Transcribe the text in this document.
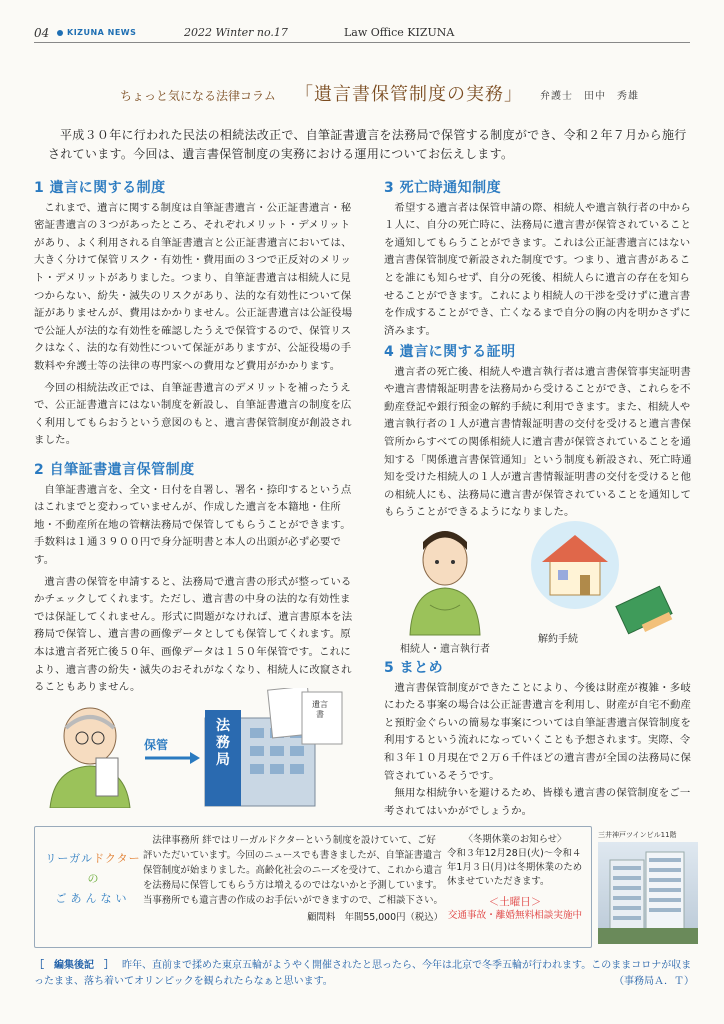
04 KIZUNA NEWS	2022 Winter no.17	Law Office KIZUNA
ちょっと気になる法律コラム 「遺言書保管制度の実務」 弁護士　田中　秀雄
平成３０年に行われた民法の相続法改正で、自筆証書遺言を法務局で保管する制度ができ、令和２年７月から施行
されています。今回は、遺言書保管制度の実務における運用についてお伝えします。
1 遺言に関する制度

これまで、遺言に関する制度は自筆証書遺言・公正証書遺言・秘密証書遺言の３つがあったところ、それぞれメリット・デメリットがあり、よく利用される自筆証書遺言と公正証書遺言においては、大きく分けて保管リスク・有効性・費用面の３つで正反対のメリット・デメリットがありました。つまり、自筆証書遺言は相続人に見つからない、紛失・滅失のリスクがあり、法的な有効性について保証がありませんが、費用はかかりません。公正証書遺言は公証役場で公証人が法的な有効性を確認したうえで保管するので、保管リスクはなく、法的な有効性について保証がありますが、公証役場の手数料や弁護士等の法律の専門家への費用など費用がかかります。

今回の相続法改正では、自筆証書遺言のデメリットを補ったうえで、公正証書遺言にはない制度を新設し、自筆証書遺言の制度を広く利用してもらおうという意図のもと、遺言書保管制度が創設されました。

2 自筆証書遺言保管制度

自筆証書遺言を、全文・日付を自署し、署名・捺印するという点はこれまでと変わっていませんが、作成した遺言を本籍地・住所地・不動産所在地の管轄法務局で保管してもらうことができます。手数料は１通３９００円で身分証明書と本人の出頭が必ず必要です。

遺言書の保管を申請すると、法務局で遺言書の形式が整っているかチェックしてくれます。ただし、遺言書の中身の法的な有効性までは保証してくれません。形式に問題がなければ、遺言書原本を法務局で保管し、遺言書の画像データとしても保管してくれます。原本は遺言者死亡後５０年、画像データは１５０年保管です。これにより、遺言書の紛失・滅失のおそれがなくなり、相続人に改竄されることもありません。

3 死亡時通知制度

希望する遺言者は保管申請の際、相続人や遺言執行者の中から１人に、自分の死亡時に、法務局に遺言書が保管されていることを通知してもらうことができます。これは公正証書遺言にはない遺言書保管制度で新設された制度です。つまり、遺言書があることを誰にも知らせず、自分の死後、相続人らに遺言の存在を知らせることができます。これにより相続人の干渉を受けずに遺言書を作成することができ、亡くなるまで自分の胸の内を明かさずに済みます。

4 遺言に関する証明

遺言者の死亡後、相続人や遺言執行者は遺言書保管事実証明書や遺言書情報証明書を法務局から受けることができ、これらを不動産登記や銀行預金の解約手続に利用できます。また、相続人や遺言執行者の１人が遺言書情報証明書の交付を受けると遺言書保管所からすべての関係相続人に遺言書が保管されていることを通知する「関係遺言書保管通知」という制度も新設され、死亡時通知を受けた相続人の１人が遺言書情報証明書の交付を受けると他の相続人にも、法務局に遺言書が保管されていることを通知してもらうことができるようになりました。

相続人・遺言執行者
解約手続
5 まとめ

遺言書保管制度ができたことにより、今後は財産が複雑・多岐にわたる事案の場合は公正証書遺言を利用し、財産が自宅不動産と預貯金ぐらいの簡易な事案については自筆証書遺言保管制度を利用するという流れになっていくことも予想されます。実際、令和３年１０月現在で２万６千件ほどの遺言書が全国の法務局に保管されているそうです。

無用な相続争いを避けるため、皆様も遺言書の保管制度をご一考されてはいかがでしょうか。

保管
法務局
遺言書
リーガルドクター
の
ごあんない
法律事務所 絆ではリーガルドクターという制度を設けていて、ご好評いただいています。今回のニュースでも書きましたが、自筆証書遺言保管制度が始まりました。高齢化社会のニーズを受けて、これから遺言を法務局に保管してもらう方は増えるのではないかと予測しています。当事務所でも遺言書の作成のお手伝いができますので、ご相談下さい。
顧問料　年間55,000円（税込）
〈冬期休業のお知らせ〉
令和３年12月28日(火)～令和４年1月３日(月)は冬期休業のため休ませていただきます。
＜土曜日＞
交通事故・離婚無料相談実施中
三井神戸ツインビル11階
［　編集後記　］ 昨年、直前まで揉めた東京五輪がようやく開催されたと思ったら、今年は北京で冬季五輪が行われます。このままコロナが収まったまま、落ち着いてオリンピックを観られたらなぁと思います。	（事務局Ａ．Ｔ）
